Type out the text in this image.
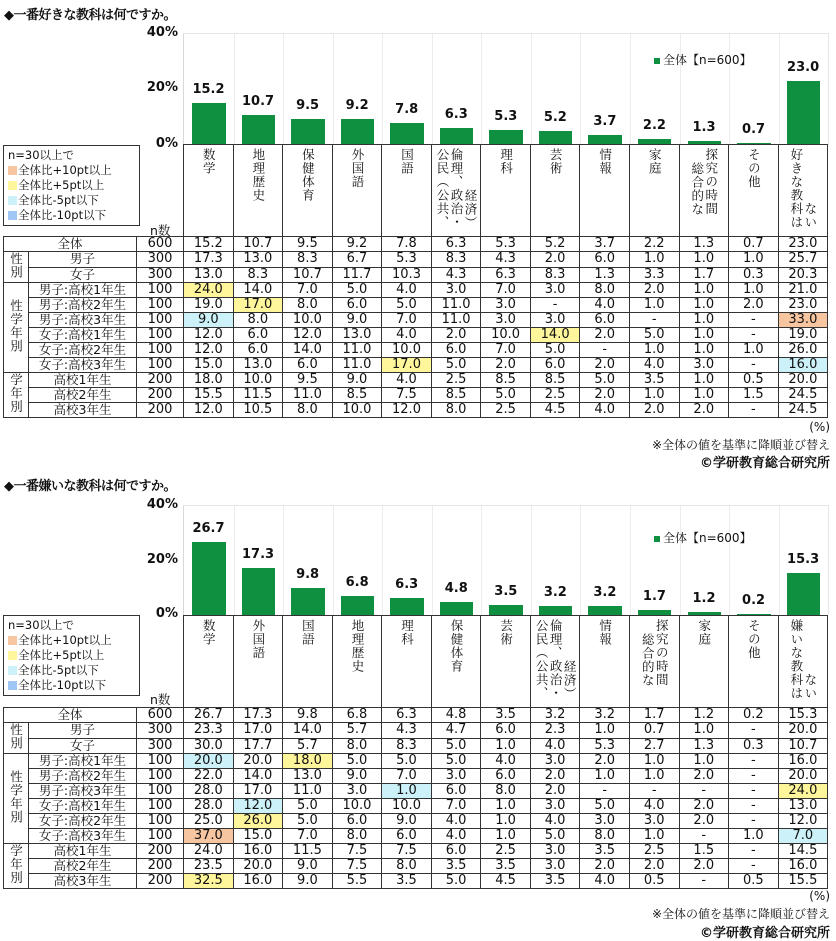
◆一番好きな教科は何ですか。
40%
20%
0%
15.2
10.7	9.5	9.2	7.8	6.3	5.3	5.2	3.7	2.2	1.3	0.7
23.0
全体【n=600】
n=30以上で
全体比+10pt以上
全体比+5pt以上
全体比-5pt以下
全体比-10pt以下
n数
			数学	地理歴史	保健体育	外国語	国語	公民（公共、倫理、政治・経済）	理科	芸術	情報	家庭	総合的な探究の時間	その他	好きな教科はない
全体		600	15.2	10.7	9.5	9.2	7.8	6.3	5.3	5.2	3.7	2.2	1.3	0.7	23.0
性別	男子	300	17.3	13.0	8.3	6.7	5.3	8.3	4.3	2.0	6.0	1.0	1.0	1.0	25.7
	女子	300	13.0	8.3	10.7	11.7	10.3	4.3	6.3	8.3	1.3	3.3	1.7	0.3	20.3
性学年別	男子:高校1年生	100	24.0	14.0	7.0	5.0	4.0	3.0	7.0	3.0	8.0	2.0	1.0	1.0	21.0
	男子:高校2年生	100	19.0	17.0	8.0	6.0	5.0	11.0	3.0	-	4.0	1.0	1.0	2.0	23.0
	男子:高校3年生	100	9.0	8.0	10.0	9.0	7.0	11.0	3.0	3.0	6.0	-	1.0	-	33.0
	女子:高校1年生	100	12.0	6.0	12.0	13.0	4.0	2.0	10.0	14.0	2.0	5.0	1.0	-	19.0
	女子:高校2年生	100	12.0	6.0	14.0	11.0	10.0	6.0	7.0	5.0	-	1.0	1.0	1.0	26.0
	女子:高校3年生	100	15.0	13.0	6.0	11.0	17.0	5.0	2.0	6.0	2.0	4.0	3.0	-	16.0
学年別	高校1年生	200	18.0	10.0	9.5	9.0	4.0	2.5	8.5	8.5	5.0	3.5	1.0	0.5	20.0
	高校2年生	200	15.5	11.5	11.0	8.5	7.5	8.5	5.0	2.5	2.0	1.0	1.0	1.5	24.5
	高校3年生	200	12.0	10.5	8.0	10.0	12.0	8.0	2.5	4.5	4.0	2.0	2.0	-	24.5
(%)
※全体の値を基準に降順並び替え
©学研教育総合研究所
◆一番嫌いな教科は何ですか。
40%
20%
0%
26.7
17.3
9.8
6.8	6.3	4.8	3.5	3.2	3.2	1.7	1.2	0.2
15.3
全体【n=600】
n=30以上で
全体比+10pt以上
全体比+5pt以上
全体比-5pt以下
全体比-10pt以下
n数
			数学	外国語	国語	地理歴史	理科	保健体育	芸術	公民（公共、倫理、政治・経済）	情報	総合的な探究の時間	家庭	その他	嫌いな教科はない
全体		600	26.7	17.3	9.8	6.8	6.3	4.8	3.5	3.2	3.2	1.7	1.2	0.2	15.3
性別	男子	300	23.3	17.0	14.0	5.7	4.3	4.7	6.0	2.3	1.0	0.7	1.0	-	20.0
	女子	300	30.0	17.7	5.7	8.0	8.3	5.0	1.0	4.0	5.3	2.7	1.3	0.3	10.7
性学年別	男子:高校1年生	100	20.0	20.0	18.0	5.0	5.0	5.0	4.0	3.0	2.0	1.0	1.0	-	16.0
	男子:高校2年生	100	22.0	14.0	13.0	9.0	7.0	3.0	6.0	2.0	1.0	1.0	2.0	-	20.0
	男子:高校3年生	100	28.0	17.0	11.0	3.0	1.0	6.0	8.0	2.0	-	-	-	-	24.0
	女子:高校1年生	100	28.0	12.0	5.0	10.0	10.0	7.0	1.0	3.0	5.0	4.0	2.0	-	13.0
	女子:高校2年生	100	25.0	26.0	5.0	6.0	9.0	4.0	1.0	4.0	3.0	3.0	2.0	-	12.0
	女子:高校3年生	100	37.0	15.0	7.0	8.0	6.0	4.0	1.0	5.0	8.0	1.0	-	1.0	7.0
学年別	高校1年生	200	24.0	16.0	11.5	7.5	7.5	6.0	2.5	3.0	3.5	2.5	1.5	-	14.5
	高校2年生	200	23.5	20.0	9.0	7.5	8.0	3.5	3.5	3.0	2.0	2.0	2.0	-	16.0
	高校3年生	200	32.5	16.0	9.0	5.5	3.5	5.0	4.5	3.5	4.0	0.5	-	0.5	15.5
(%)
※全体の値を基準に降順並び替え
©学研教育総合研究所
